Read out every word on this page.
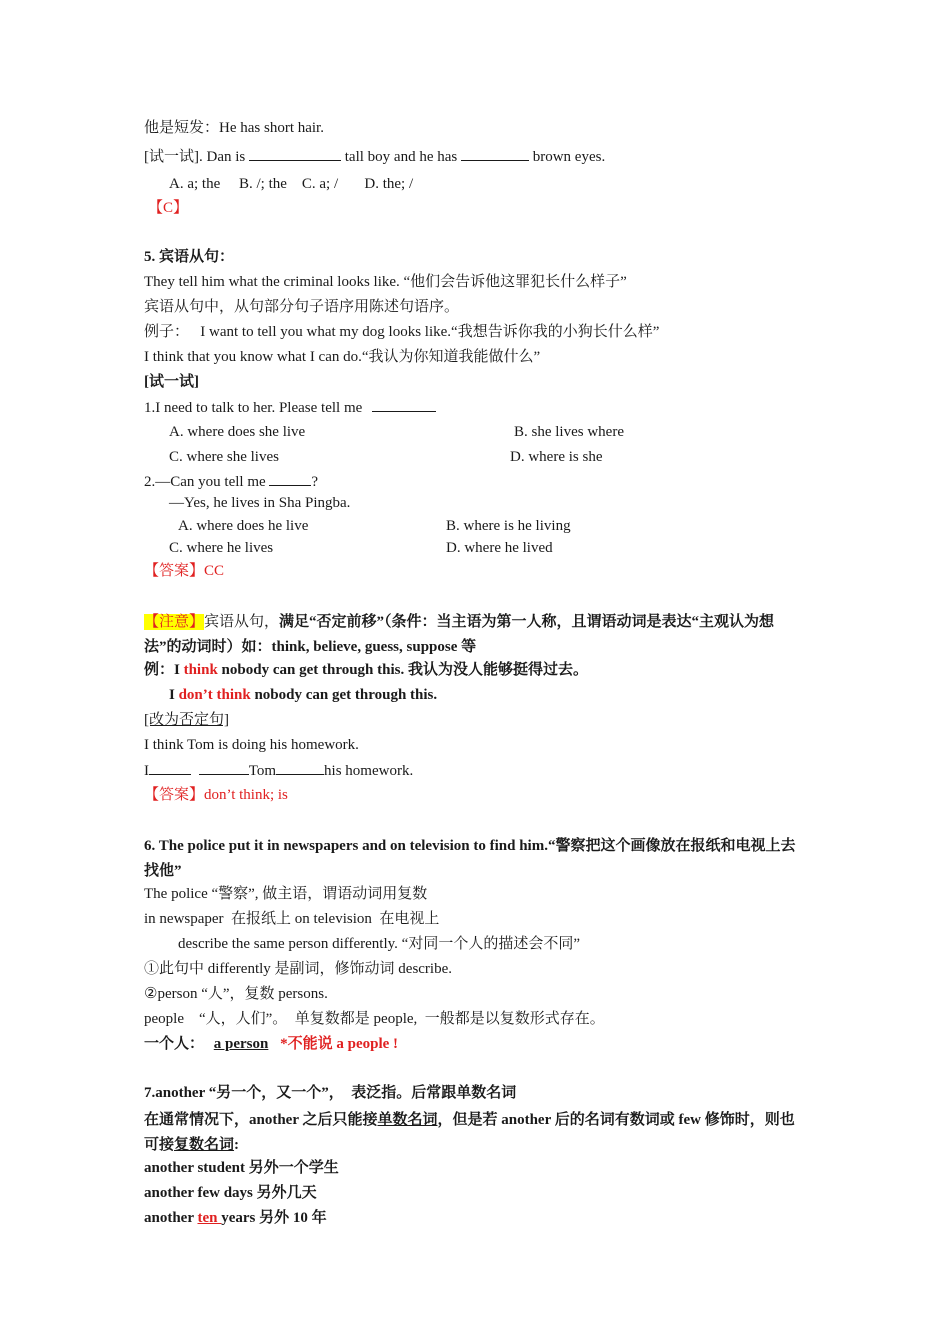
他是短发：He has short hair.
[试一试]. Dan is	tall boy and he has	brown eyes.
A. a; the     B. /; the    C. a; /       D. the; /
【C】
5. 宾语从句：
They tell him what the criminal looks like. “他们会告诉他这罪犯长什么样子”
宾语从句中，从句部分句子语序用陈述句语序。
例子：   I want to tell you what my dog looks like.“我想告诉你我的小狗长什么样”
I think that you know what I can do.“我认为你知道我能做什么”
[试一试]
1.I need to talk to her. Please tell me
A. where does she live	B. she lives where
C. where she lives	D. where is she
2.—Can you tell me	?
—Yes, he lives in Sha Pingba.
A. where does he live	B. where is he living
C. where he lives	D. where he lived
【答案】CC
【注意】宾语从句，满足“否定前移”（条件：当主语为第一人称，且谓语动词是表达“主观认为想法”的动词时）如：think, believe, guess, suppose 等
例：I think nobody can get through this. 我认为没人能够挺得过去。
I don’t think nobody can get through this.
[改为否定句]
I think Tom is doing his homework.
I	Tom	his homework.
【答案】don’t think; is
6. The police put it in newspapers and on television to find him.“警察把这个画像放在报纸和电视上去找他”
The police “警察”, 做主语，谓语动词用复数
in newspaper  在报纸上 on television  在电视上
describe the same person differently. “对同一个人的描述会不同”
①此句中 differently 是副词，修饰动词 describe.
②person “人”，复数 persons.
people    “人，人们”。  单复数都是 people,  一般都是以复数形式存在。
一个人： a person *不能说 a people !
7.another “另一个，又一个”，  表泛指。后常跟单数名词
在通常情况下，another 之后只能接单数名词，但是若 another 后的名词有数词或 few 修饰时，则也可接复数名词:
another student 另外一个学生
another few days 另外几天
another ten years 另外 10 年
